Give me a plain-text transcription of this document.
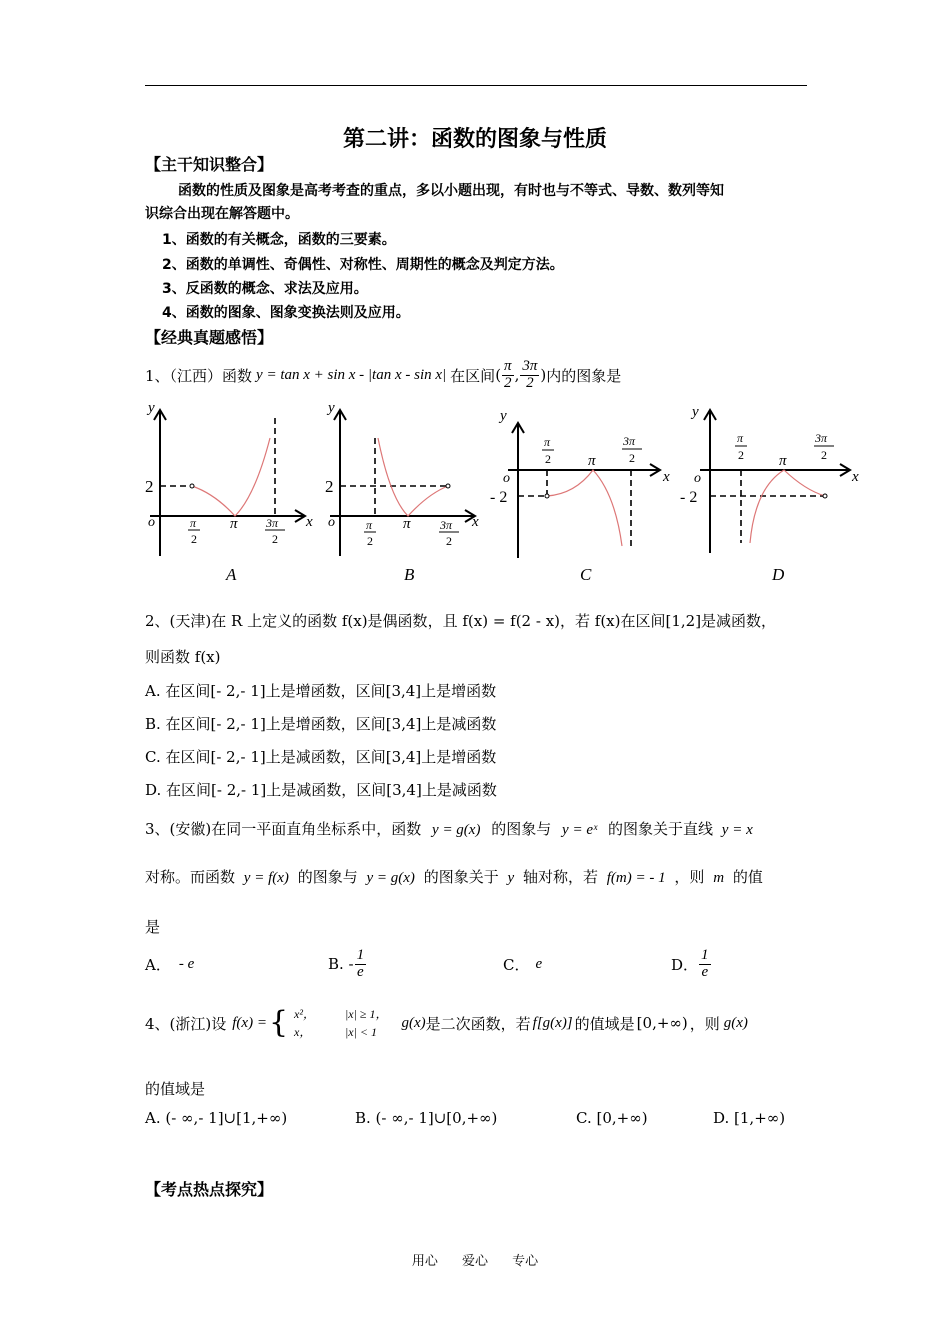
第二讲：函数的图象与性质
【主干知识整合】
函数的性质及图象是高考考查的重点，多以小题出现，有时也与不等式、导数、数列等知
识综合出现在解答题中。
1、函数的有关概念，函数的三要素。
2、函数的单调性、奇偶性、对称性、周期性的概念及判定方法。
3、反函数的概念、求法及应用。
4、函数的图象、图象变换法则及应用。
【经典真题感悟】
1、（江西）函数 y = tan x + sin x - |tan x - sin x| 在区间 ( $\frac{\pi}{2}$ , $\frac{3\pi}{2}$ ) 内的图象是
y
x
o
2
π
2
π 3π
2
A
y
x
o
2
π
2
π 3π
2
B
y
x
o
- 2
π
2 π
3π
2
C
y
x
o
- 2
π
2 π
3π
2
D
2、(天津)在 R 上定义的函数 f(x)是偶函数，且 f(x) = f(2 - x)，若 f(x)在区间[1,2]是减函数，
则函数 f(x)
A. 在区间[- 2,- 1]上是增函数，区间[3,4]上是增函数
B. 在区间[- 2,- 1]上是增函数，区间[3,4]上是减函数
C. 在区间[- 2,- 1]上是减函数，区间[3,4]上是增函数
D. 在区间[- 2,- 1]上是减函数，区间[3,4]上是减函数
3、(安徽)在同一平面直角坐标系中，函数 y = g(x) 的图象与 y = eˣ 的图象关于直线 y = x
对称。而函数 y = f(x) 的图象与 y = g(x) 的图象关于 y 轴对称，若 f(m) = - 1 ，则 m 的值
是
A． - e	B. - $\frac{1}{e}$	C． e	D． $\frac{1}{e}$
4、(浙江)设 f(x) = { x²，
x，
|x| ≥ 1，
|x| < 1
g(x) 是二次函数，若 f[g(x)] 的值域是 [0,+∞) ，则 g(x)
的值域是
A. (- ∞,- 1]∪[1,+∞)	B. (- ∞,- 1]∪[0,+∞)	C. [0,+∞)	D. [1,+∞)
【考点热点探究】
用心 爱心 专心
